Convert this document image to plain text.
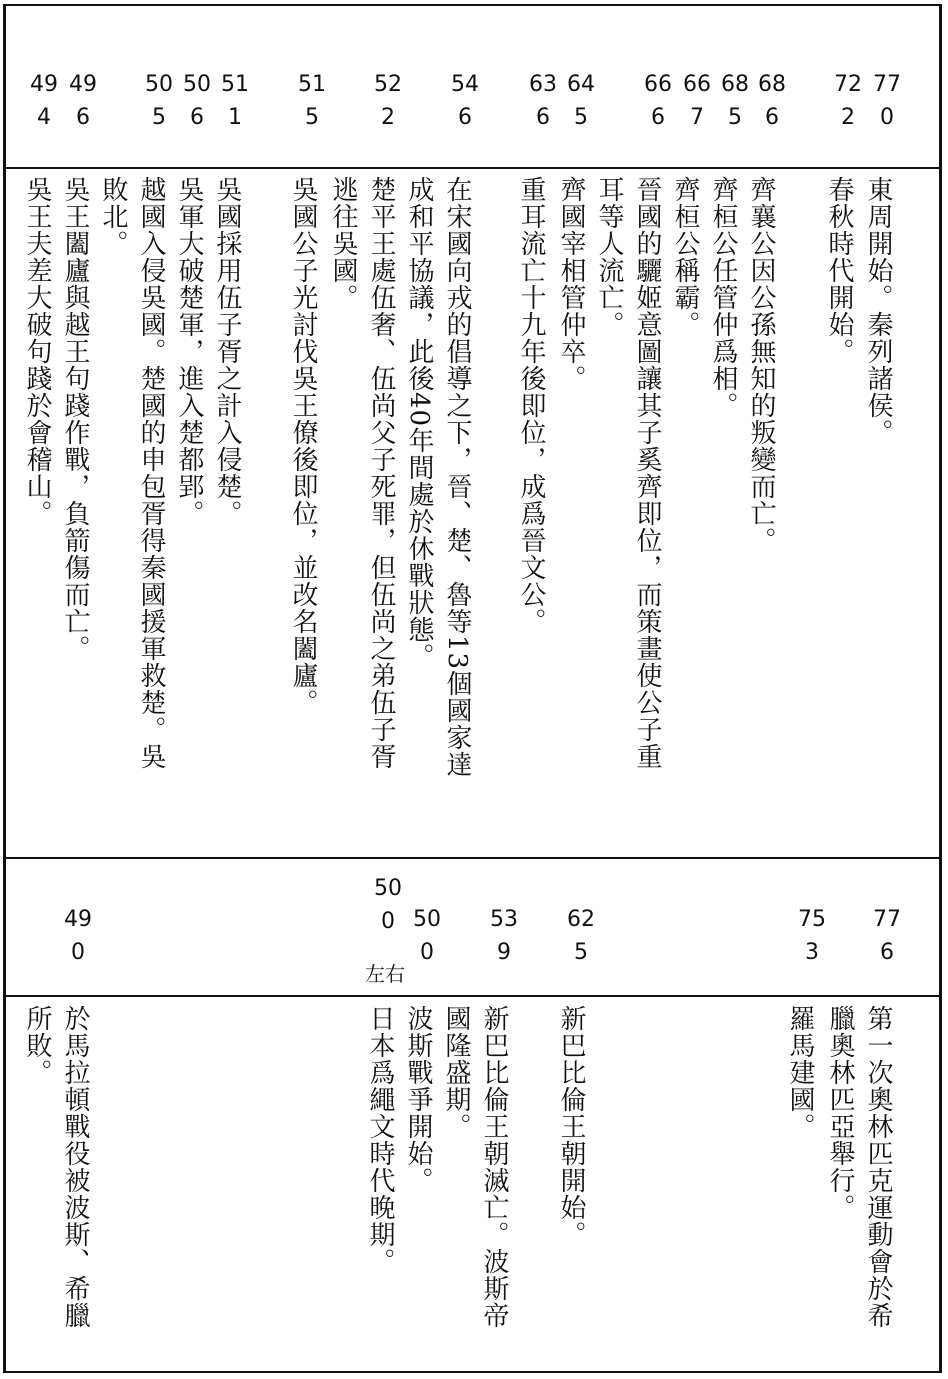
770
722
686
685
667
666
645
636
546
522
515
511
506
505
496
494
東周開始。秦列諸侯。
春秋時代開始。
齊襄公因公孫無知的叛變而亡。
齊桓公任管仲爲相。
齊桓公稱霸。
晉國的驪姬意圖讓其子奚齊即位，而策畫使公子重耳等人流亡。
齊國宰相管仲卒。
重耳流亡十九年後即位，成爲晉文公。
在宋國向戎的倡導之下，晉、楚、魯等13個國家達成和平協議，此後40年間處於休戰狀態。
楚平王處伍奢、伍尚父子死罪，但伍尚之弟伍子胥逃往吳國。
吳國公子光討伐吳王僚後即位，並改名闔廬。
吳國採用伍子胥之計入侵楚。
吳軍大破楚軍，進入楚都郢。
越國入侵吳國。楚國的申包胥得秦國援軍救楚。吳敗北。
吳王闔廬與越王句踐作戰，負箭傷而亡。
吳王夫差大破句踐於會稽山。
776
753
625
539
500
500
左右
490
第一次奧林匹克運動會於希臘奧林匹亞舉行。
羅馬建國。
新巴比倫王朝開始。
新巴比倫王朝滅亡。波斯帝國隆盛期。
波斯戰爭開始。
日本爲繩文時代晚期。
於馬拉頓戰役被波斯、希臘所敗。
